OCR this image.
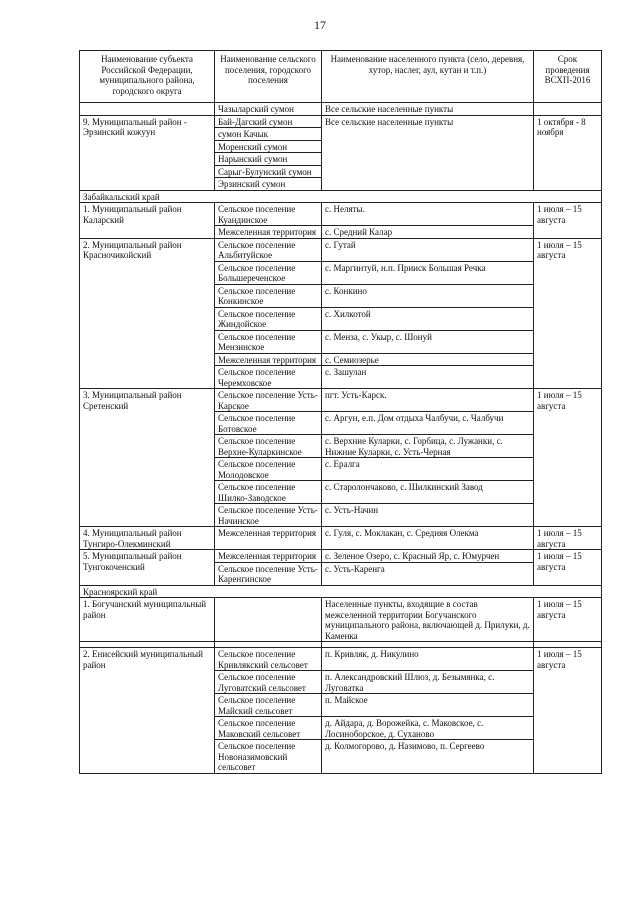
17
Наименование субъекта Российской Федерации, муниципального района, городского округа	Наименование сельского поселения, городского поселения	Наименование населенного пункта (село, деревня, хутор, наслег, аул, кутан и т.п.)	Срок проведения ВСХП-2016
	Чазыларский сумон	Все сельские населенные пункты	
9. Муниципальный район - Эрзинский кожуун	Бай-Дагский сумон	Все сельские населенные пункты	1 октября - 8 ноября
	сумон Качык		
	Моренский сумон		
	Нарынский сумон		
	Сарыг-Булунский сумон		
	Эрзинский сумон		
Забайкальский край			
1. Муниципальный район Каларский	Сельское поселение Куандинское	с. Неляты.	1 июля – 15 августа
	Межселенная территория	с. Средний Калар	
2. Муниципальный район Красночикойский	Сельское поселение Альбитуйское	с. Гутай	1 июля – 15 августа
	Сельское поселение Большереченское	с. Маргинтуй, н.п. Прииск Большая Речка	
	Сельское поселение Конкинское	с. Конкино	
	Сельское поселение Жиндойское	с. Хилкотой	
	Сельское поселение Мензинское	с. Менза, с. Укыр, с. Шонуй	
	Межселенная территория	с. Семиозерье	
	Сельское поселение Черемховское	с. Зашулан	
3. Муниципальный район Сретенский	Сельское поселение Усть-Карское	пгт. Усть-Карск.	1 июля – 15 августа
	Сельское поселение Ботовское	с. Аргун, е.п. Дом отдыха Чалбучи, с. Чалбучи	
	Сельское поселение Верхне-Куларкинское	с. Верхние Куларки, с. Горбица, с. Лужанки, с. Нижние Куларки, с. Усть-Черная	
	Сельское поселение Молодовское	с. Ералга	
	Сельское поселение Шилко-Заводское	с. Старолончаково, с. Шилкинский Завод	
	Сельское поселение Усть-Начинское	с. Усть-Начин	
4. Муниципальный район Тунгиро-Олекминский	Межселенная территория	с. Гуля, с. Моклакан, с. Средняя Олекма	1 июля – 15 августа
5. Муниципальный район Тунгокоченский	Межселенная территория	с. Зеленое Озеро, с. Красный Яр, с. Юмурчен	1 июля – 15 августа
	Сельское поселение Усть-Каренгинское	с. Усть-Каренга	
Красноярский край			
1. Богучанский муниципальный район		Населенные пункты, входящие в состав межселенной территории Богучанского муниципального района, включающей д. Прилуки, д. Каменка	1 июля – 15 августа

2. Енисейский муниципальный район	Сельское поселение Кривлякский сельсовет	п. Кривляк, д. Никулино	1 июля – 15 августа
	Сельское поселение Луговатский сельсовет	п. Александровский Шлюз, д. Безымянка, с. Луговатка	
	Сельское поселение Майский сельсовет	п. Майское	
	Сельское поселение Маковский сельсовет	д. Айдара, д. Ворожейка, с. Маковское, с. Лосиноборское, д. Суханово	
	Сельское поселение Новоназимовский сельсовет	д. Колмогорово, д. Назимово, п. Сергеево	
